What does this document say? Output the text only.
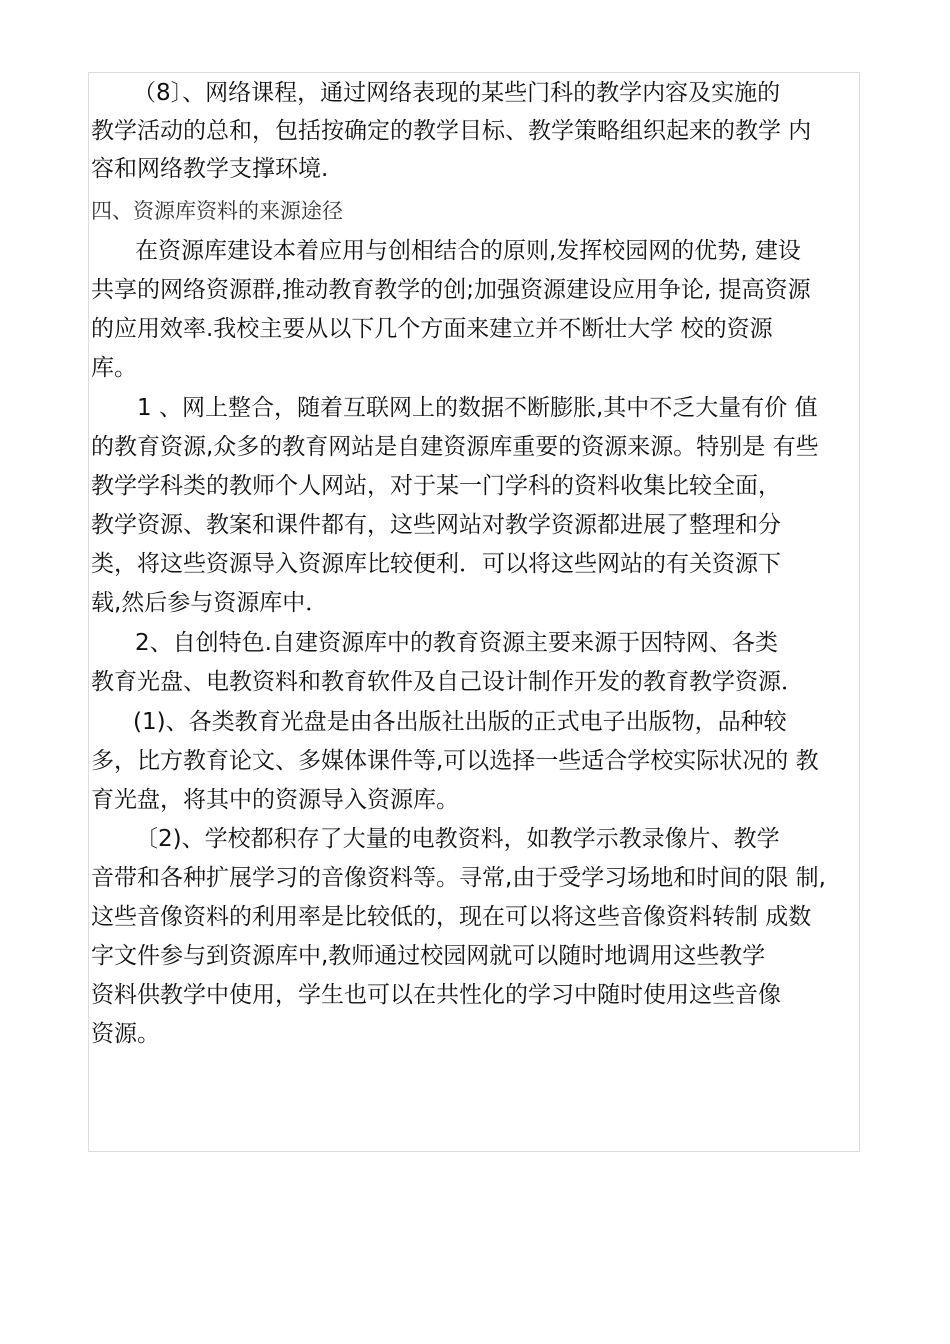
（8〕、网络课程，通过网络表现的某些门科的教学内容及实施的
教学活动的总和，包括按确定的教学目标、教学策略组织起来的教学 内
容和网络教学支撑环境.
四、资源库资料的来源途径
在资源库建设本着应用与创相结合的原则,发挥校园网的优势, 建设
共享的网络资源群,推动教育教学的创;加强资源建设应用争论, 提高资源
的应用效率.我校主要从以下几个方面来建立并不断壮大学 校的资源
库。
1 、网上整合，随着互联网上的数据不断膨胀,其中不乏大量有价 值
的教育资源,众多的教育网站是自建资源库重要的资源来源。特别是 有些
教学学科类的教师个人网站，对于某一门学科的资料收集比较全面，
教学资源、教案和课件都有，这些网站对教学资源都进展了整理和分
类，将这些资源导入资源库比较便利．可以将这些网站的有关资源下
载,然后参与资源库中．
2、自创特色.自建资源库中的教育资源主要来源于因特网、各类
教育光盘、电教资料和教育软件及自己设计制作开发的教育教学资源．
(1)、各类教育光盘是由各出版社出版的正式电子出版物，品种较
多，比方教育论文、多媒体课件等,可以选择一些适合学校实际状况的 教
育光盘，将其中的资源导入资源库。
〔2)、学校都积存了大量的电教资料，如教学示教录像片、教学
音带和各种扩展学习的音像资料等。寻常,由于受学习场地和时间的限 制,
这些音像资料的利用率是比较低的，现在可以将这些音像资料转制 成数
字文件参与到资源库中,教师通过校园网就可以随时地调用这些教学
资料供教学中使用，学生也可以在共性化的学习中随时使用这些音像
资源。
